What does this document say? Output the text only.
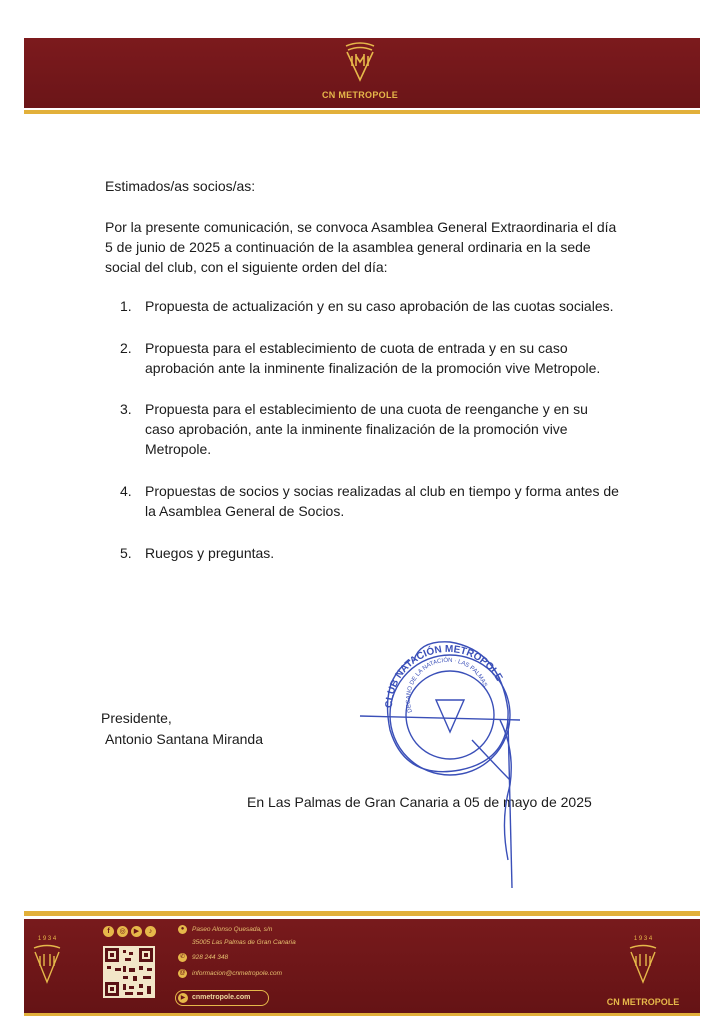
CN METROPOLE
Estimados/as socios/as:
Por la presente comunicación, se convoca Asamblea General Extraordinaria el día 5 de junio de 2025 a continuación de la asamblea general ordinaria en la sede social del club, con el siguiente orden del día:
1. Propuesta de actualización y en su caso aprobación de las cuotas sociales.
2. Propuesta para el establecimiento de cuota de entrada y en su caso aprobación ante la inminente finalización de la promoción vive Metropole.
3. Propuesta para el establecimiento de una cuota de reenganche y en su caso aprobación, ante la inminente finalización de la promoción vive Metropole.
4. Propuestas de socios y socias realizadas al club en tiempo y forma antes de la Asamblea General de Socios.
5. Ruegos y preguntas.
Presidente,
Antonio Santana Miranda
En Las Palmas de Gran Canaria a 05 de mayo de 2025
CLUB NATACIÓN METROPOLE
DECANO DE LA NATACIÓN · LAS PALMAS
1 9 3 4
f	◎	▶	♪	●	Paseo Alonso Quesada, s/n
35005 Las Palmas de Gran Canaria
✆	928 244 348
@ informacion@cnmetropole.com
▶ cnmetropole.com
1 9 3 4
CN METROPOLE
